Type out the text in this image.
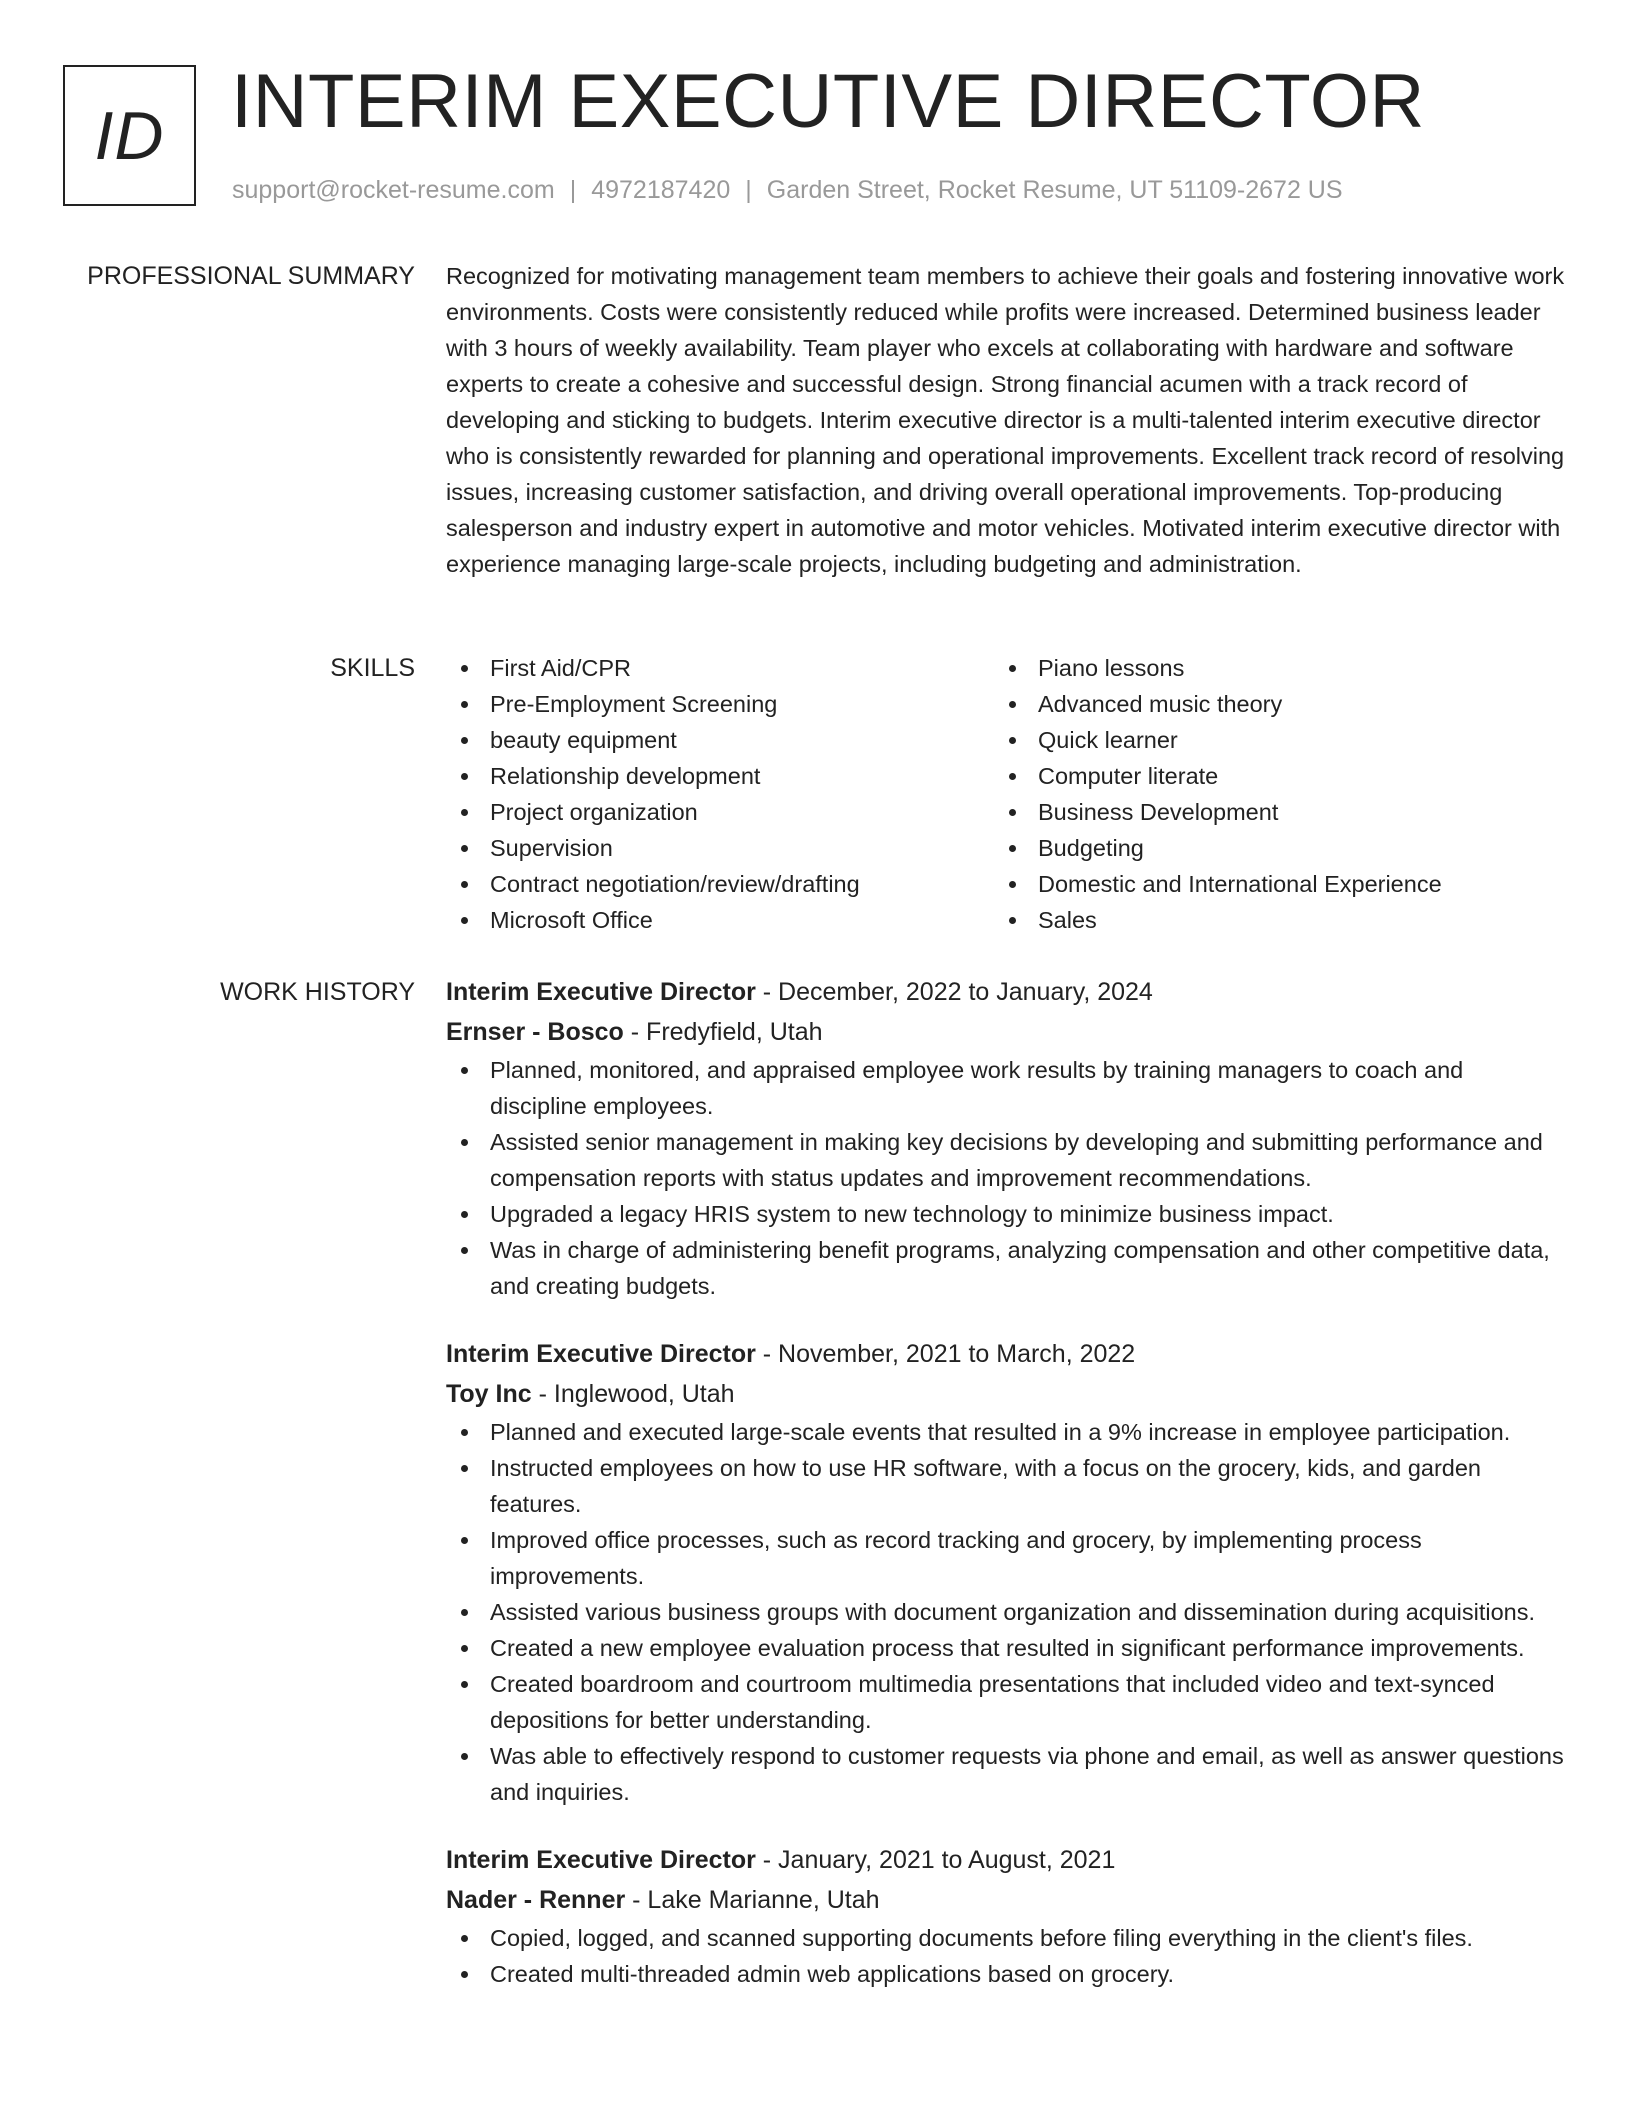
ID INTERIM EXECUTIVE DIRECTOR
support@rocket-resume.com | 4972187420 | Garden Street, Rocket Resume, UT 51109-2672 US
PROFESSIONAL SUMMARY Recognized for motivating management team members to achieve their goals and fostering innovative work environments. Costs were consistently reduced while profits were increased. Determined business leader with 3 hours of weekly availability. Team player who excels at collaborating with hardware and software experts to create a cohesive and successful design. Strong financial acumen with a track record of developing and sticking to budgets. Interim executive director is a multi-talented interim executive director who is consistently rewarded for planning and operational improvements. Excellent track record of resolving issues, increasing customer satisfaction, and driving overall operational improvements. Top-producing salesperson and industry expert in automotive and motor vehicles. Motivated interim executive director with experience managing large-scale projects, including budgeting and administration.

SKILLS	First Aid/CPR
Pre-Employment Screening
beauty equipment
Relationship development
Project organization
Supervision
Contract negotiation/review/drafting
Microsoft Office
Piano lessons
Advanced music theory
Quick learner
Computer literate
Business Development
Budgeting
Domestic and International Experience
Sales
WORK HISTORY Interim Executive Director - December, 2022 to January, 2024
Ernser - Bosco - Fredyfield, Utah
Planned, monitored, and appraised employee work results by training managers to coach and discipline employees.
Assisted senior management in making key decisions by developing and submitting performance and compensation reports with status updates and improvement recommendations.
Upgraded a legacy HRIS system to new technology to minimize business impact.
Was in charge of administering benefit programs, analyzing compensation and other competitive data, and creating budgets.
Interim Executive Director - November, 2021 to March, 2022
Toy Inc - Inglewood, Utah
Planned and executed large-scale events that resulted in a 9% increase in employee participation.
Instructed employees on how to use HR software, with a focus on the grocery, kids, and garden features.
Improved office processes, such as record tracking and grocery, by implementing process improvements.
Assisted various business groups with document organization and dissemination during acquisitions.
Created a new employee evaluation process that resulted in significant performance improvements.
Created boardroom and courtroom multimedia presentations that included video and text-synced depositions for better understanding.
Was able to effectively respond to customer requests via phone and email, as well as answer questions and inquiries.
Interim Executive Director - January, 2021 to August, 2021
Nader - Renner - Lake Marianne, Utah
Copied, logged, and scanned supporting documents before filing everything in the client's files.
Created multi-threaded admin web applications based on grocery.
